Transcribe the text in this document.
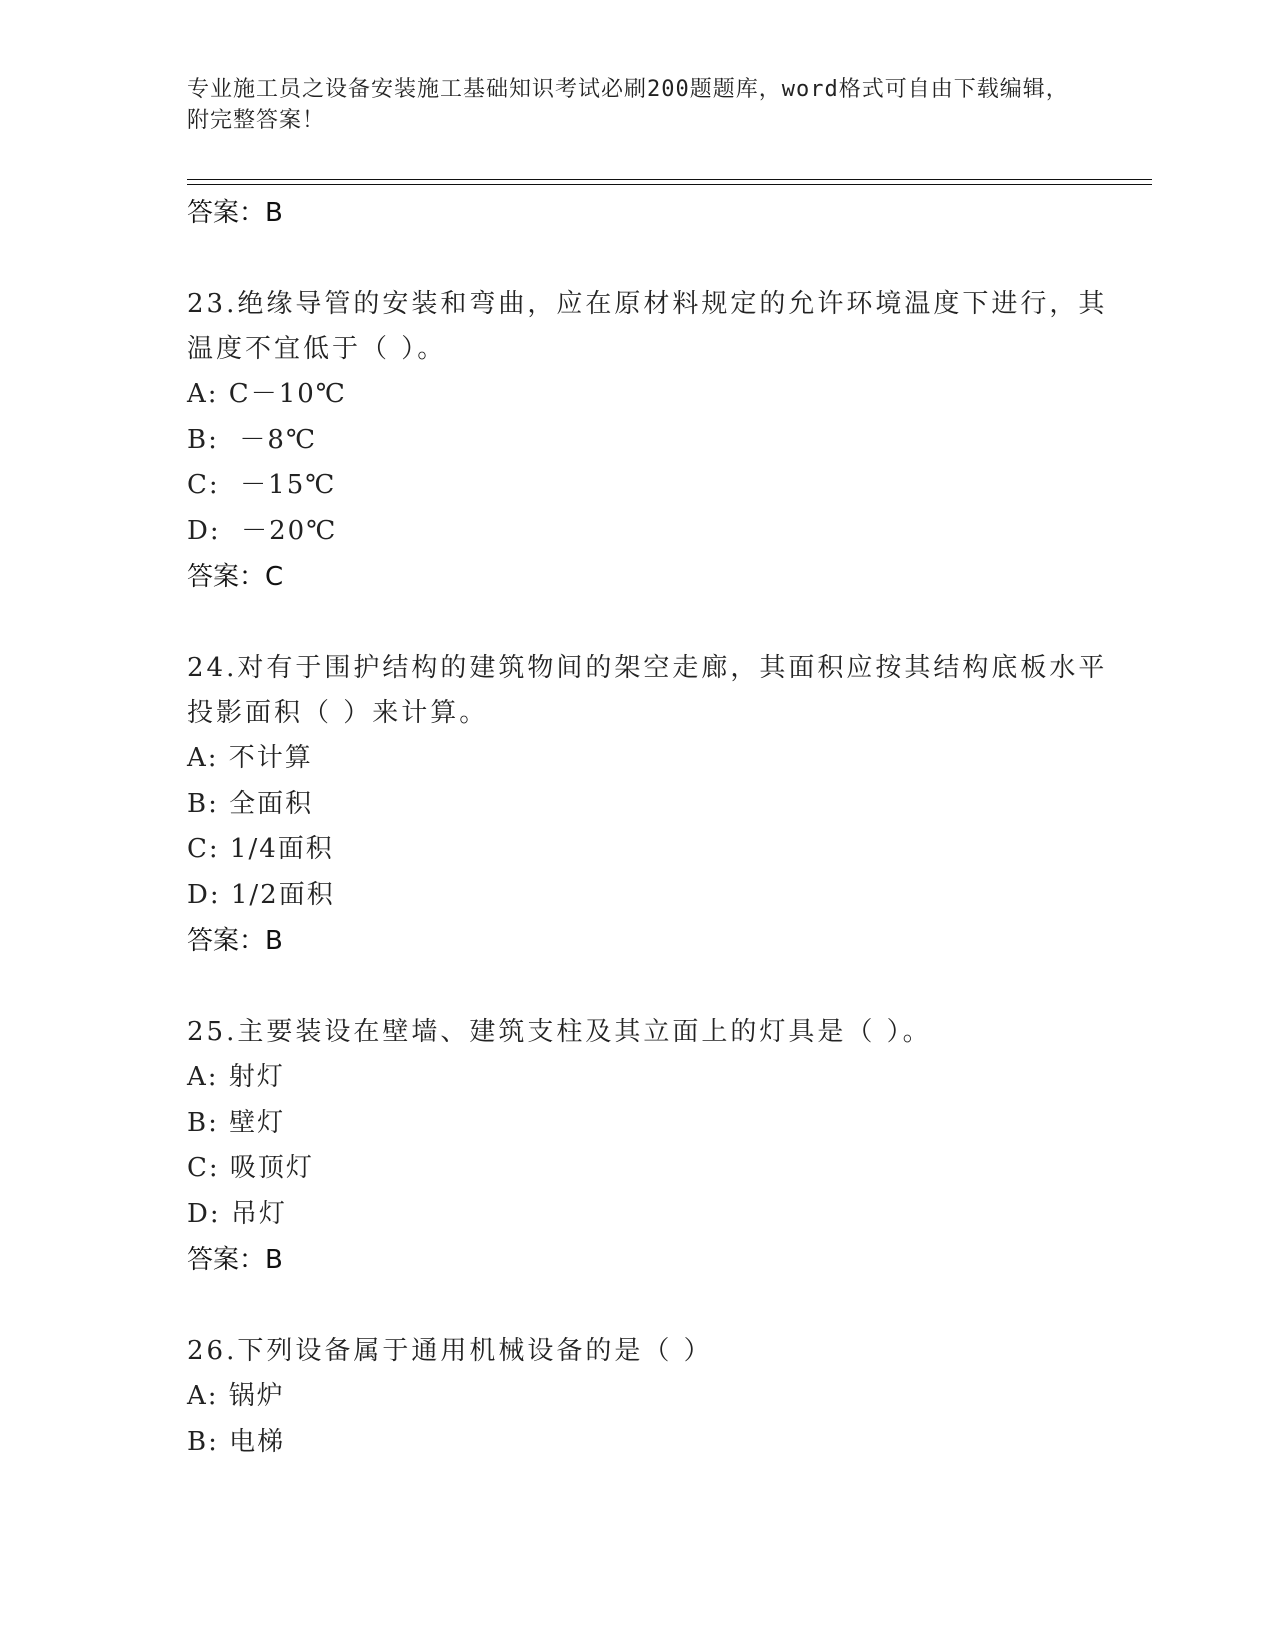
专业施工员之设备安装施工基础知识考试必刷200题题库，word格式可自由下载编辑，附完整答案！
答案：B
23.绝缘导管的安装和弯曲，应在原材料规定的允许环境温度下进行，其温度不宜低于（ ）。
A: C－10℃
B:  －8℃
C:  －15℃
D:  －20℃
答案：C
24.对有于围护结构的建筑物间的架空走廊，其面积应按其结构底板水平投影面积（ ）来计算。
A: 不计算
B: 全面积
C: 1/4面积
D: 1/2面积
答案：B
25.主要装设在壁墙、建筑支柱及其立面上的灯具是（ ）。
A: 射灯
B: 壁灯
C: 吸顶灯
D: 吊灯
答案：B
26.下列设备属于通用机械设备的是（ ）
A: 锅炉
B: 电梯
